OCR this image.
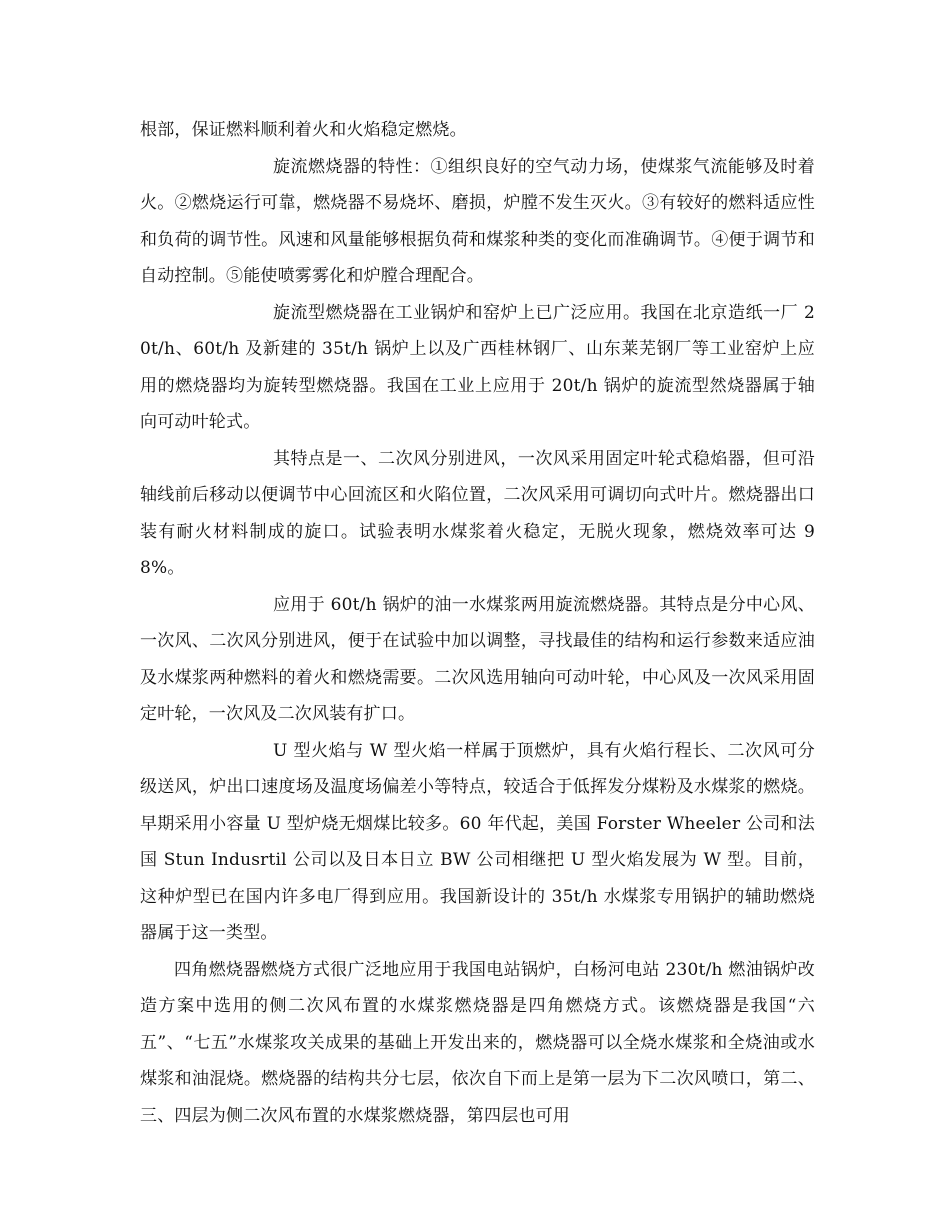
根部，保证燃料顺利着火和火焰稳定燃烧。

旋流燃烧器的特性：①组织良好的空气动力场，使煤浆气流能够及时着火。②燃烧运行可靠，燃烧器不易烧坏、磨损，炉膛不发生灭火。③有较好的燃料适应性和负荷的调节性。风速和风量能够根据负荷和煤浆种类的变化而准确调节。④便于调节和自动控制。⑤能使喷雾雾化和炉膛合理配合。

旋流型燃烧器在工业锅炉和窑炉上已广泛应用。我国在北京造纸一厂 20t/h、60t/h 及新建的 35t/h 锅炉上以及广西桂林钢厂、山东莱芜钢厂等工业窑炉上应用的燃烧器均为旋转型燃烧器。我国在工业上应用于 20t/h 锅炉的旋流型然烧器属于轴向可动叶轮式。

其特点是一、二次风分别进风，一次风采用固定叶轮式稳焰器，但可沿轴线前后移动以便调节中心回流区和火陷位置，二次风采用可调切向式叶片。燃烧器出口装有耐火材料制成的旋口。试验表明水煤浆着火稳定，无脱火现象，燃烧效率可达 98%。

应用于 60t/h 锅炉的油一水煤浆两用旋流燃烧器。其特点是分中心风、一次风、二次风分别进风，便于在试验中加以调整，寻找最佳的结构和运行参数来适应油及水煤浆两种燃料的着火和燃烧需要。二次风选用轴向可动叶轮，中心风及一次风采用固定叶轮，一次风及二次风装有扩口。

U 型火焰与 W 型火焰一样属于顶燃炉，具有火焰行程长、二次风可分级送风，炉出口速度场及温度场偏差小等特点，较适合于低挥发分煤粉及水煤浆的燃烧。早期采用小容量 U 型炉烧无烟煤比较多。60 年代起，美国 Forster Wheeler 公司和法国 Stun Indusrtil 公司以及日本日立 BW 公司相继把 U 型火焰发展为 W 型。目前，这种炉型已在国内许多电厂得到应用。我国新设计的 35t/h 水煤浆专用锅护的辅助燃烧器属于这一类型。

四角燃烧器燃烧方式很广泛地应用于我国电站锅炉，白杨河电站 230t/h 燃油锅炉改造方案中选用的侧二次风布置的水煤浆燃烧器是四角燃烧方式。该燃烧器是我国“六五”、“七五”水煤浆攻关成果的基础上开发出来的，燃烧器可以全烧水煤浆和全烧油或水煤浆和油混烧。燃烧器的结构共分七层，依次自下而上是第一层为下二次风喷口，第二、三、四层为侧二次风布置的水煤浆燃烧器，第四层也可用
